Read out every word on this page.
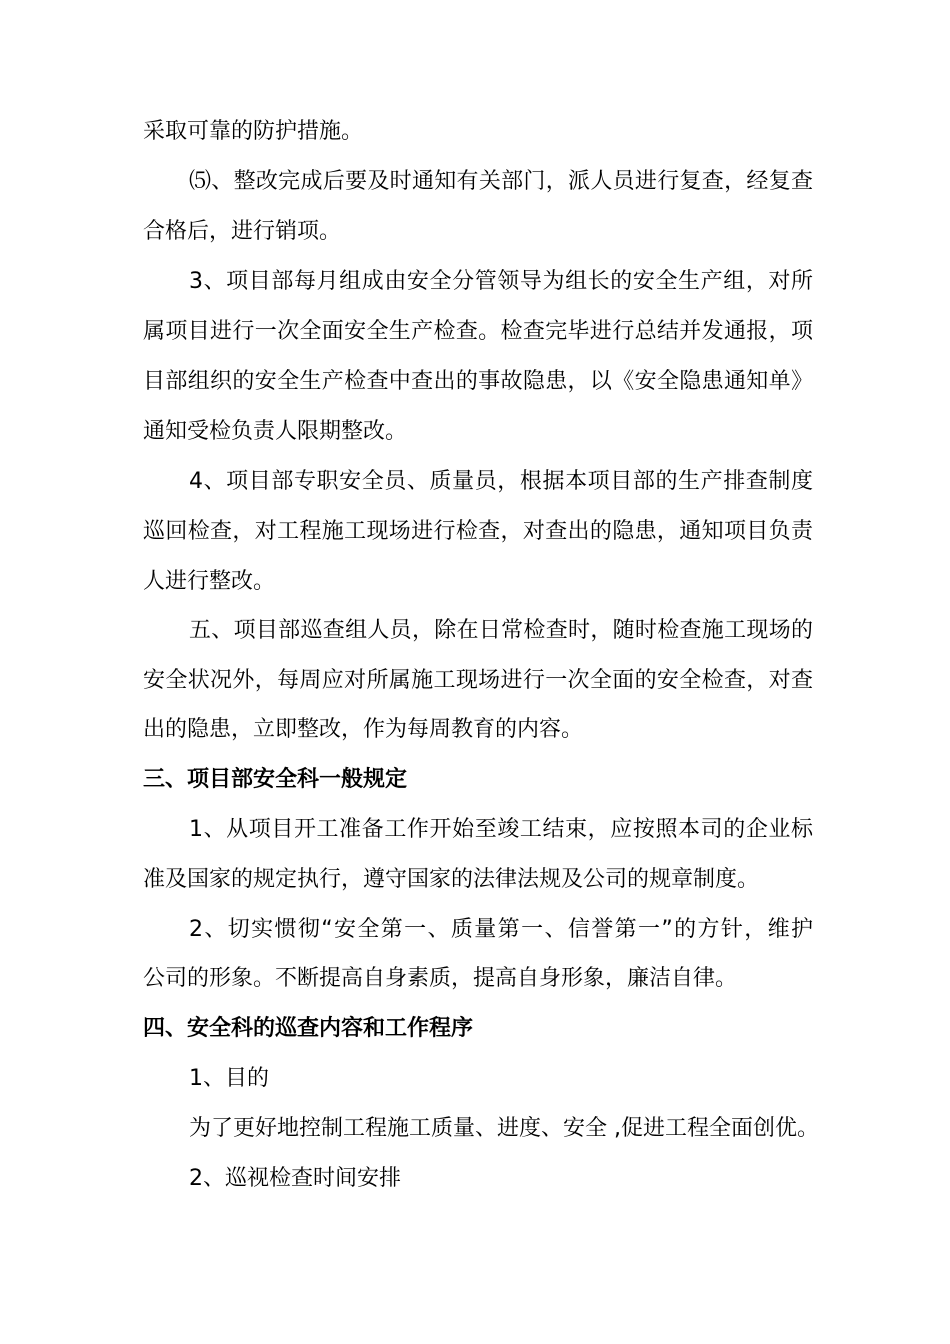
采取可靠的防护措施。
⑸、整改完成后要及时通知有关部门，派人员进行复查，经复查
合格后，进行销项。
3、项目部每月组成由安全分管领导为组长的安全生产组，对所
属项目进行一次全面安全生产检查。检查完毕进行总结并发通报，项
目部组织的安全生产检查中查出的事故隐患，以《安全隐患通知单》
通知受检负责人限期整改。
4、项目部专职安全员、质量员，根据本项目部的生产排查制度
巡回检查，对工程施工现场进行检查，对查出的隐患，通知项目负责
人进行整改。
五、项目部巡查组人员，除在日常检查时，随时检查施工现场的
安全状况外，每周应对所属施工现场进行一次全面的安全检查，对查
出的隐患，立即整改，作为每周教育的内容。
三、项目部安全科一般规定
1、从项目开工准备工作开始至竣工结束，应按照本司的企业标
准及国家的规定执行，遵守国家的法律法规及公司的规章制度。
2、切实惯彻“安全第一、质量第一、信誉第一”的方针，维护
公司的形象。不断提高自身素质，提高自身形象，廉洁自律。
四、安全科的巡查内容和工作程序
1、目的
为了更好地控制工程施工质量、进度、安全 ,促进工程全面创优。
2、巡视检查时间安排
